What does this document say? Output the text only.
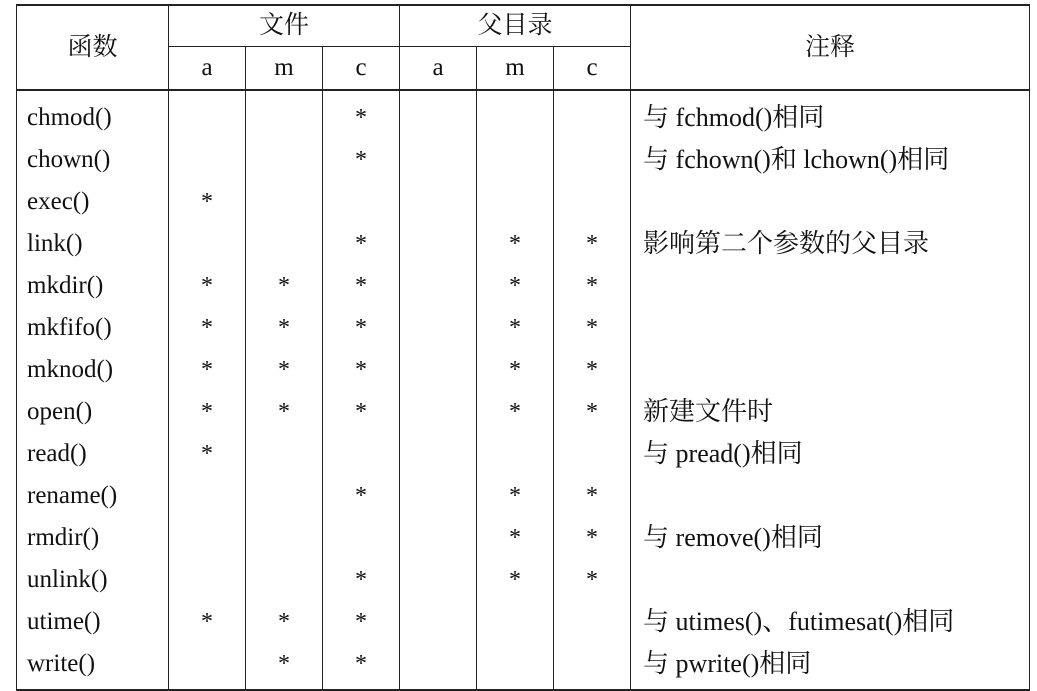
函数	文件			父目录			注释
	a	m	c	a	m	c	
chmod()			*				与 fchmod()相同
chown()			*				与 fchown()和 lchown()相同
exec()	*						
link()			*		*	*	影响第二个参数的父目录
mkdir()	*	*	*		*	*	
mkfifo()	*	*	*		*	*	
mknod()	*	*	*		*	*	
open()	*	*	*		*	*	新建文件时
read()	*						与 pread()相同
rename()			*		*	*	
rmdir()					*	*	与 remove()相同
unlink()			*		*	*	
utime()	*	*	*				与 utimes()、futimesat()相同
write()		*	*				与 pwrite()相同
